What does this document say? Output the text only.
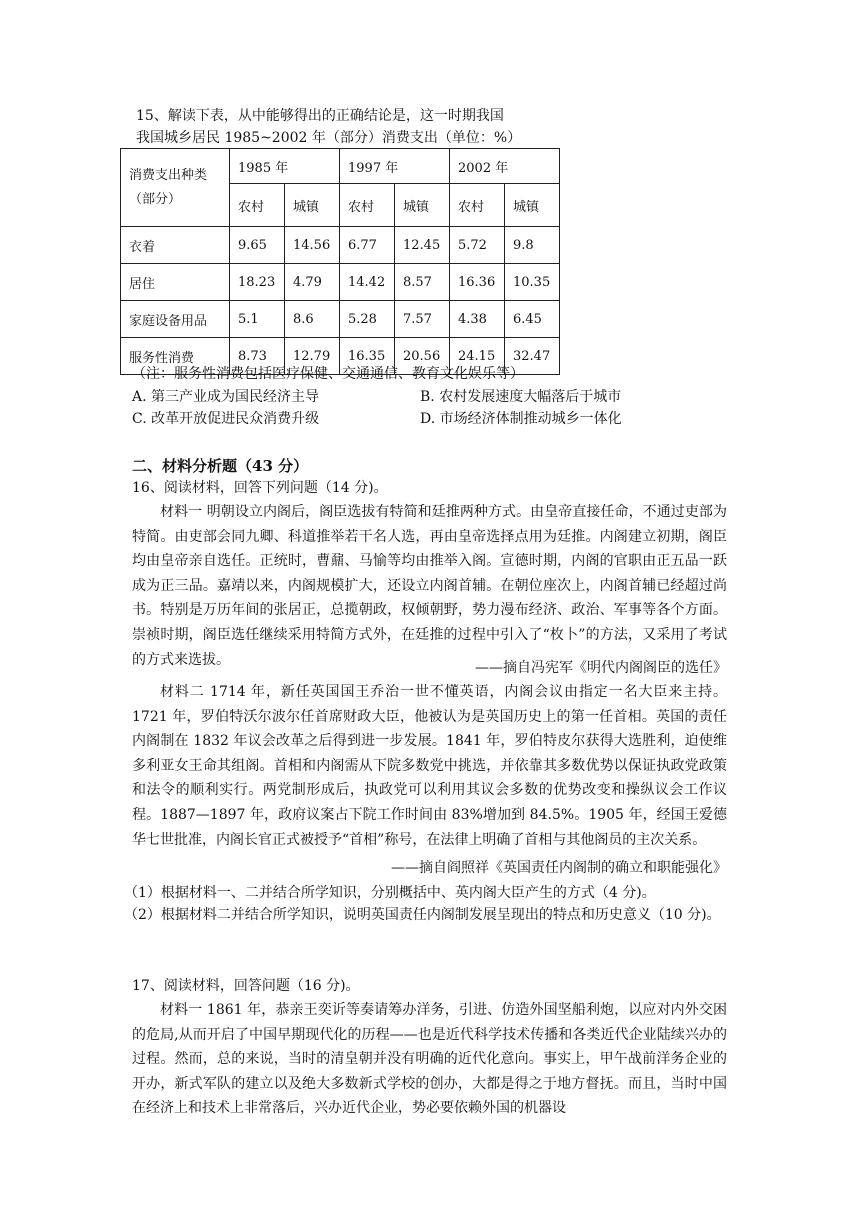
15、解读下表，从中能够得出的正确结论是，这一时期我国
我国城乡居民 1985~2002 年（部分）消费支出（单位：%）
消费支出种类（部分）	1985 年		1997 年		2002 年	
	农村	城镇	农村	城镇	农村	城镇
衣着	9.65	14.56	6.77	12.45	5.72	9.8
居住	18.23	4.79	14.42	8.57	16.36	10.35
家庭设备用品	5.1	8.6	5.28	7.57	4.38	6.45
服务性消费	8.73	12.79	16.35	20.56	24.15	32.47
（注：服务性消费包括医疗保健、交通通信、教育文化娱乐等）
A. 第三产业成为国民经济主导	B. 农村发展速度大幅落后于城市
C. 改革开放促进民众消费升级	D. 市场经济体制推动城乡一体化
二、材料分析题（43 分）
16、阅读材料，回答下列问题（14 分)。
材料一 明朝设立内阁后，阁臣选拔有特简和廷推两种方式。由皇帝直接任命，不通过吏部为特简。由吏部会同九卿、科道推举若干名人选，再由皇帝选择点用为廷推。内阁建立初期，阁臣均由皇帝亲自选任。正统时，曹鼐、马愉等均由推举入阁。宣德时期，内阁的官职由正五品一跃成为正三品。嘉靖以来，内阁规模扩大，还设立内阁首辅。在朝位座次上，内阁首辅已经超过尚书。特别是万历年间的张居正，总揽朝政，权倾朝野，势力漫布经济、政治、军事等各个方面。崇祯时期，阁臣选任继续采用特简方式外，在廷推的过程中引入了“枚卜”的方法，又采用了考试的方式来选拔。
——摘自冯宪军《明代内阁阁臣的选任》
材料二 1714 年，新任英国国王乔治一世不懂英语，内阁会议由指定一名大臣来主持。1721 年，罗伯特沃尔波尔任首席财政大臣，他被认为是英国历史上的第一任首相。英国的责任内阁制在 1832 年议会改革之后得到进一步发展。1841 年，罗伯特皮尔获得大选胜利，迫使维多利亚女王命其组阁。首相和内阁需从下院多数党中挑选，并依靠其多数优势以保证执政党政策和法令的顺利实行。两党制形成后，执政党可以利用其议会多数的优势改变和操纵议会工作议程。1887—1897 年，政府议案占下院工作时间由 83%增加到 84.5%。1905 年，经国王爱德华七世批准，内阁长官正式被授予“首相”称号，在法律上明确了首相与其他阁员的主次关系。
——摘自阎照祥《英国责任内阁制的确立和职能强化》
（1）根据材料一、二并结合所学知识，分别概括中、英内阁大臣产生的方式（4 分)。
（2）根据材料二并结合所学知识，说明英国责任内阁制发展呈现出的特点和历史意义（10 分)。
17、阅读材料，回答问题（16 分)。
材料一 1861 年，恭亲王奕䜣等奏请筹办洋务，引进、仿造外国坚船利炮，以应对内外交困的危局,从而开启了中国早期现代化的历程——也是近代科学技术传播和各类近代企业陆续兴办的过程。然而，总的来说，当时的清皇朝并没有明确的近代化意向。事实上，甲午战前洋务企业的开办，新式军队的建立以及绝大多数新式学校的创办，大都是得之于地方督抚。而且，当时中国在经济上和技术上非常落后，兴办近代企业，势必要依赖外国的机器设
